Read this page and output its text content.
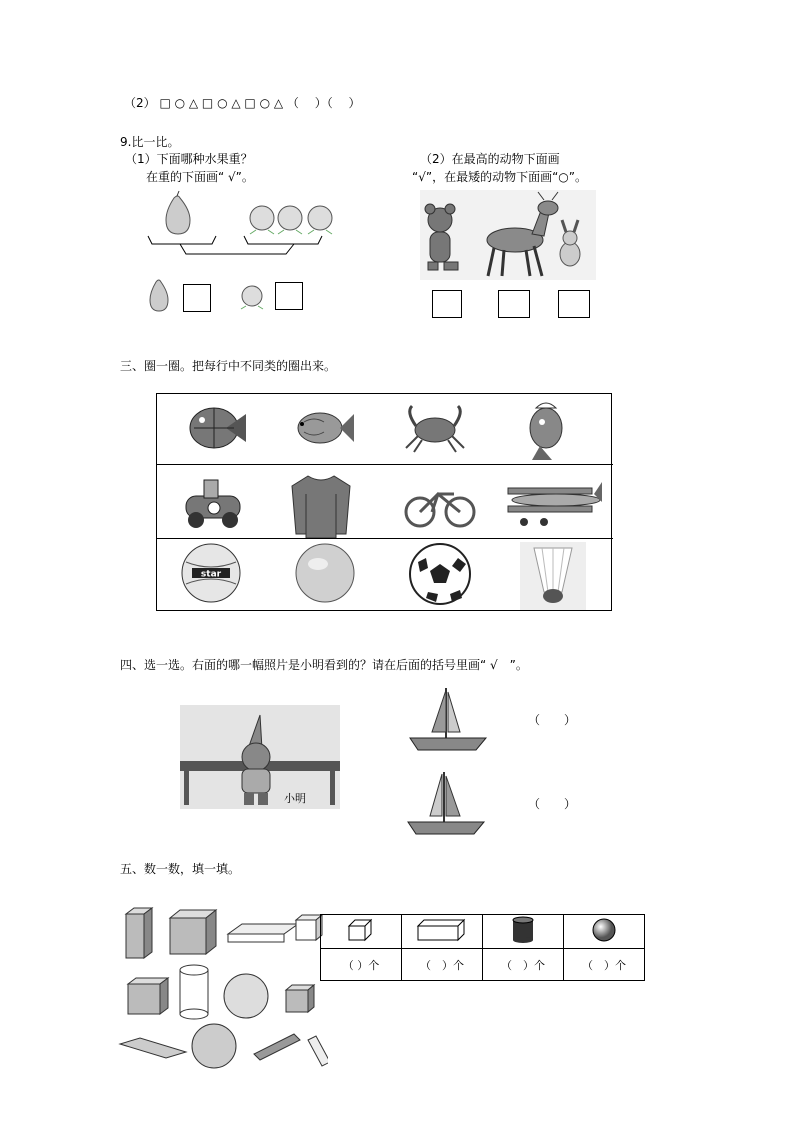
（2） □ ○ △ □ ○ △ □ ○ △ （　 ）（　 ）
9.比一比。
（1）下面哪种水果重？
在重的下面画“ √”。
（2）在最高的动物下面画
“√”，在最矮的动物下面画“○”。
三、圈一圈。把每行中不同类的圈出来。
star
四、选一选。右面的哪一幅照片是小明看到的？请在后面的括号里画“ √　”。
小明
（　　）
（　　）
五、数一数，填一填。

（ ）个	（　）个	（　）个	（　）个
